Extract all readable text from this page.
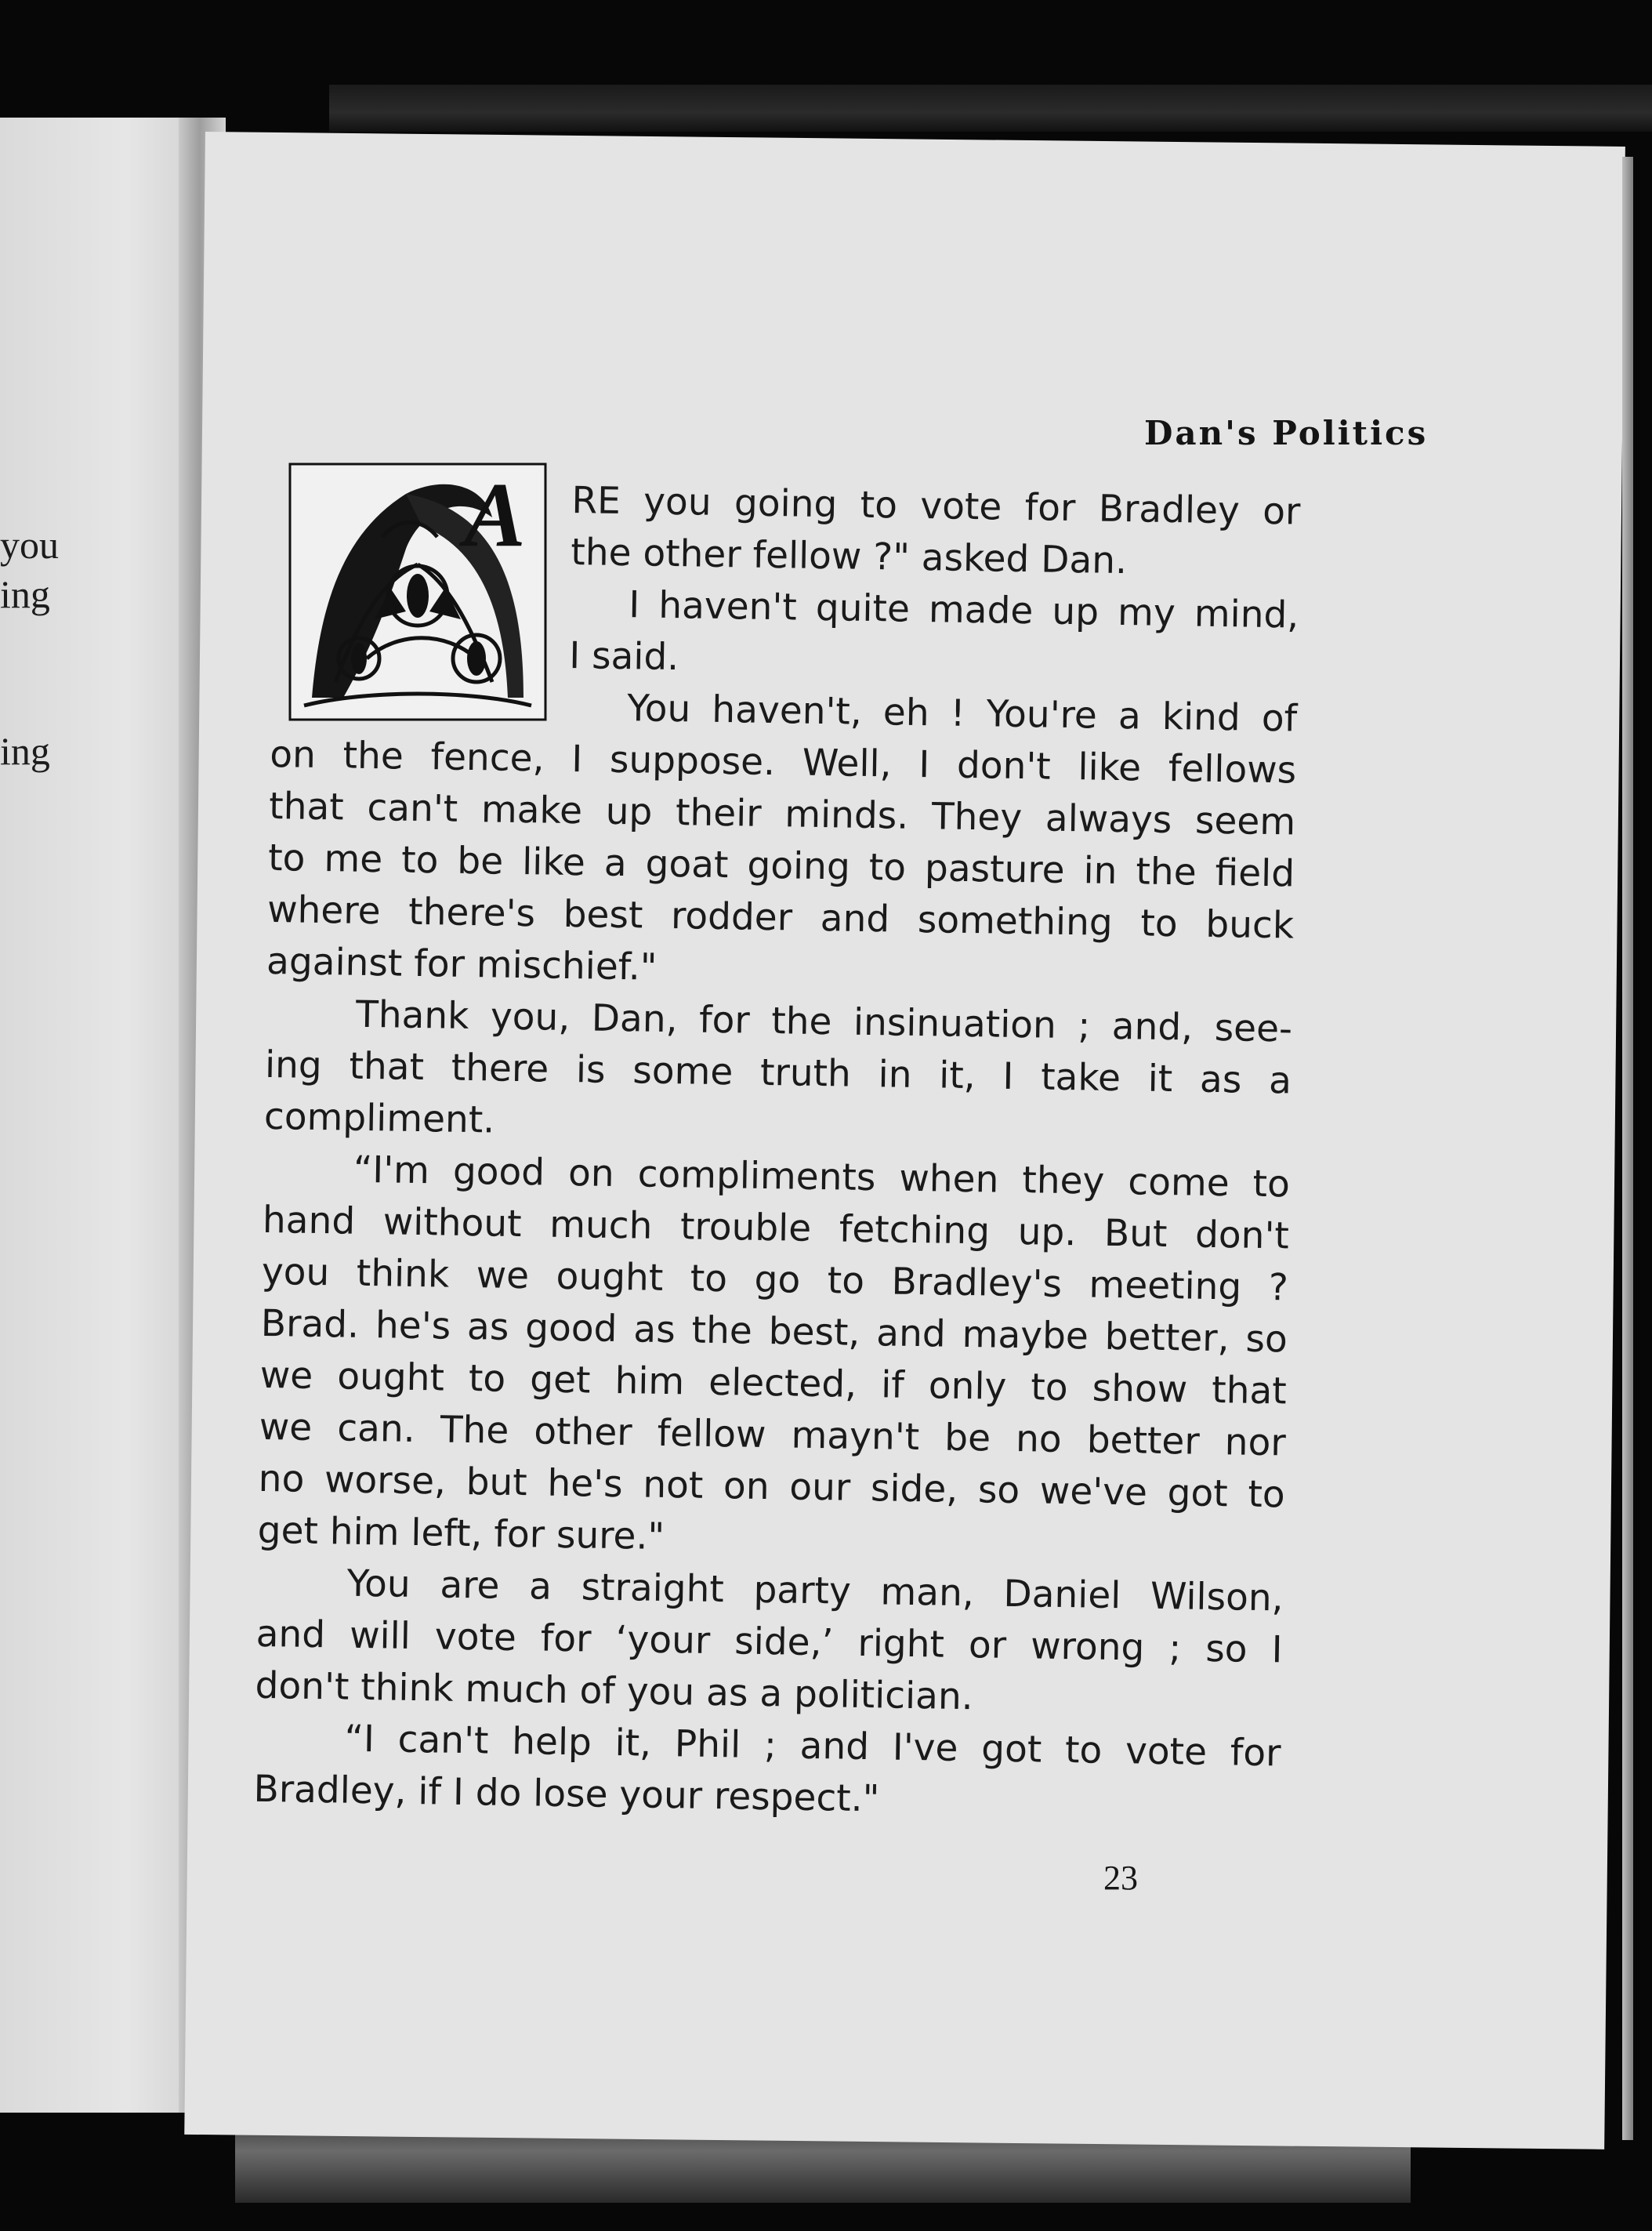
you
ing
ing
Dan's Politics
A RE you going to vote for Bradley or
the other fellow ?" asked Dan.
I haven't quite made up my mind,
I said.
You haven't, eh ! You're a kind of
on the fence, I suppose. Well, I don't like fellows
that can't make up their minds. They always seem
to me to be like a goat going to pasture in the field
where there's best rodder and something to buck
against for mischief."
Thank you, Dan, for the insinuation ; and, see-
ing that there is some truth in it, I take it as a
compliment.
“I'm good on compliments when they come to
hand without much trouble fetching up. But don't
you think we ought to go to Bradley's meeting ?
Brad. he's as good as the best, and maybe better, so
we ought to get him elected, if only to show that
we can. The other fellow mayn't be no better nor
no worse, but he's not on our side, so we've got to
get him left, for sure."
You are a straight party man, Daniel Wilson,
and will vote for ‘your side,’ right or wrong ; so I
don't think much of you as a politician.
“I can't help it, Phil ; and I've got to vote for
Bradley, if I do lose your respect."
23
